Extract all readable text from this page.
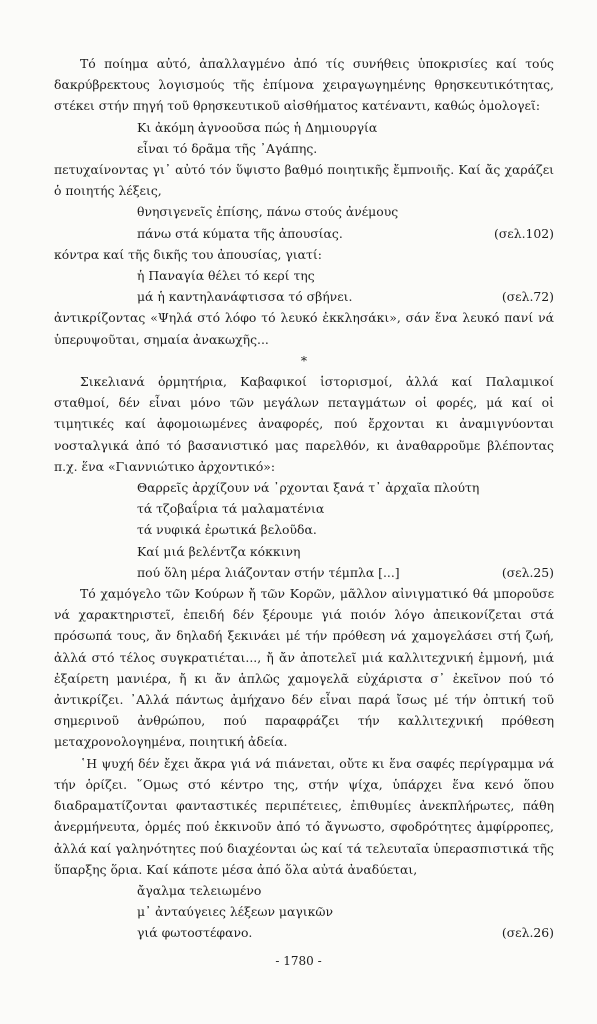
Τό ποίημα αὐτό, ἀπαλλαγμένο ἀπό τίς συνήθεις ὑποκρισίες καί τούς δακρύβρεκτους λογισμούς τῆς ἐπίμονα χειραγωγημένης θρησκευτικότητας, στέκει στήν πηγή τοῦ θρησκευτικοῦ αἰσθήματος κατέναντι, καθώς ὁμολογεῖ:

Κι ἀκόμη ἀγνοοῦσα πώς ἡ Δημιουργία
εἶναι τό δρᾶμα τῆς ᾿Αγάπης.

πετυχαίνοντας γι᾿ αὐτό τόν ὕψιστο βαθμό ποιητικῆς ἔμπνοιῆς. Καί ἄς χαράζει ὁ ποιητής λέξεις,

θνησιγενεῖς ἐπίσης, πάνω στούς ἀνέμους
πάνω στά κύματα τῆς ἀπουσίας.	(σελ.102)

κόντρα καί τῆς δικῆς του ἀπουσίας, γιατί:

ἡ Παναγία θέλει τό κερί της
μά ἡ καντηλανάφτισσα τό σβήνει.	(σελ.72)

ἀντικρίζοντας «Ψηλά στό λόφο τό λευκό ἐκκλησάκι», σάν ἕνα λευκό πανί νά ὑπερυψοῦται, σημαία ἀνακωχῆς...

*

Σικελιανά ὁρμητήρια, Καβαφικοί ἱστορισμοί, ἀλλά καί Παλαμικοί σταθμοί, δέν εἶναι μόνο τῶν μεγάλων πεταγμάτων οἱ φορές, μά καί οἱ τιμητικές καί ἀφομοιωμένες ἀναφορές, πού ἔρχονται κι ἀναμιγνύονται νοσταλγικά ἀπό τό βασανιστικό μας παρελθόν, κι ἀναθαρροῦμε βλέποντας π.χ. ἕνα «Γιαννιώτικο ἀρχοντικό»:

Θαρρεῖς ἀρχίζουν νά ᾿ρχονται ξανά τ᾿ ἀρχαῖα πλούτη
τά τζοβαΐρια τά μαλαματένια
τά νυφικά ἐρωτικά βελοῦδα.
Καί μιά βελέντζα κόκκινη
πού ὅλη μέρα λιάζονταν στήν τέμπλα [...]	(σελ.25)

Τό χαμόγελο τῶν Κούρων ἤ τῶν Κορῶν, μᾶλλον αἰνιγματικό θά μποροῦσε νά χαρακτηριστεῖ, ἐπειδή δέν ξέρουμε γιά ποιόν λόγο ἀπεικονίζεται στά πρόσωπά τους, ἄν δηλαδή ξεκινάει μέ τήν πρόθεση νά χαμογελάσει στή ζωή, ἀλλά στό τέλος συγκρατιέται..., ἤ ἄν ἀποτελεῖ μιά καλλιτεχνική ἐμμονή, μιά ἐξαίρετη μανιέρα, ἤ κι ἄν ἁπλῶς χαμογελᾶ εὐχάριστα σ᾿ ἐκεῖνον πού τό ἀντικρίζει. ᾿Αλλά πάντως ἀμήχανο δέν εἶναι παρά ἴσως μέ τήν ὀπτική τοῦ σημερινοῦ ἀνθρώπου, πού παραφράζει τήν καλλιτεχνική πρόθεση μεταχρονολογημένα, ποιητική ἀδεία.

῾Η ψυχή δέν ἔχει ἄκρα γιά νά πιάνεται, οὔτε κι ἕνα σαφές περίγραμμα νά τήν ὁρίζει. ῞Ομως στό κέντρο της, στήν ψίχα, ὑπάρχει ἕνα κενό ὅπου διαδραματίζονται φανταστικές περιπέτειες, ἐπιθυμίες ἀνεκπλήρωτες, πάθη ἀνερμήνευτα, ὁρμές πού ἐκκινοῦν ἀπό τό ἄγνωστο, σφοδρότητες ἀμφίρροπες, ἀλλά καί γαληνότητες πού διαχέονται ὡς καί τά τελευταῖα ὑπερασπιστικά τῆς ὕπαρξης ὅρια. Καί κάποτε μέσα ἀπό ὅλα αὐτά ἀναδύεται,

ἄγαλμα τελειωμένο
μ᾿ ἀνταύγειες λέξεων μαγικῶν
γιά φωτοστέφανο.	(σελ.26)
- 1780 -
